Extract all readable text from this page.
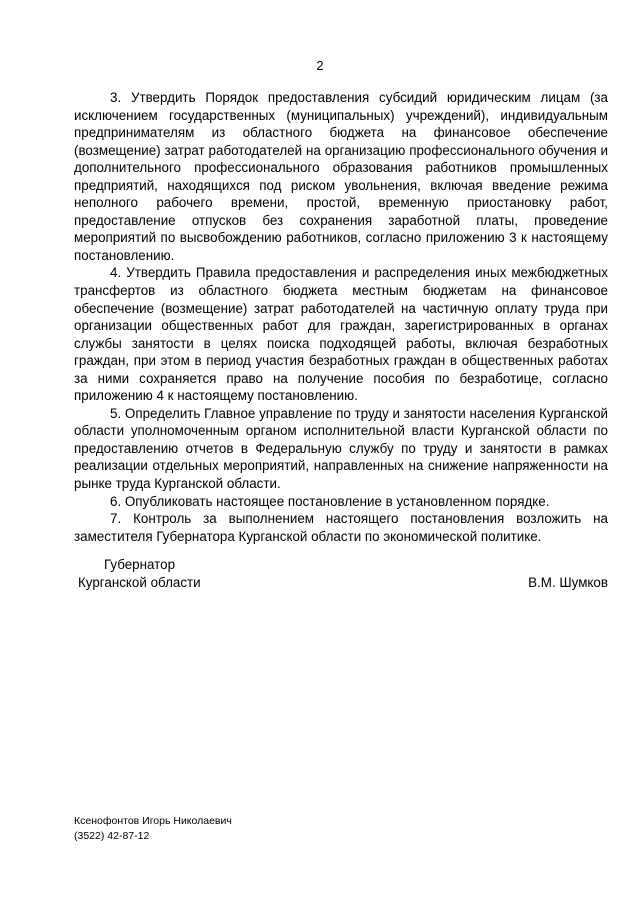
2

3. Утвердить Порядок предоставления субсидий юридическим лицам (за исключением государственных (муниципальных) учреждений), индивидуальным предпринимателям из областного бюджета на финансовое обеспечение (возмещение) затрат работодателей на организацию профессионального обучения и дополнительного профессионального образования работников промышленных предприятий, находящихся под риском увольнения, включая введение режима неполного рабочего времени, простой, временную приостановку работ, предоставление отпусков без сохранения заработной платы, проведение мероприятий по высвобождению работников, согласно приложению 3 к настоящему постановлению.

4. Утвердить Правила предоставления и распределения иных межбюджетных трансфертов из областного бюджета местным бюджетам на финансовое обеспечение (возмещение) затрат работодателей на частичную оплату труда при организации общественных работ для граждан, зарегистрированных в органах службы занятости в целях поиска подходящей работы, включая безработных граждан, при этом в период участия безработных граждан в общественных работах за ними сохраняется право на получение пособия по безработице, согласно приложению 4 к настоящему постановлению.

5. Определить Главное управление по труду и занятости населения Курганской области уполномоченным органом исполнительной власти Курганской области по предоставлению отчетов в Федеральную службу по труду и занятости в рамках реализации отдельных мероприятий, направленных на снижение напряженности на рынке труда Курганской области.

6. Опубликовать настоящее постановление в установленном порядке.

7. Контроль за выполнением настоящего постановления возложить на заместителя Губернатора Курганской области по экономической политике.

Губернатор
Курганской области	В.М. Шумков
Ксенофонтов Игорь Николаевич
(3522) 42-87-12
